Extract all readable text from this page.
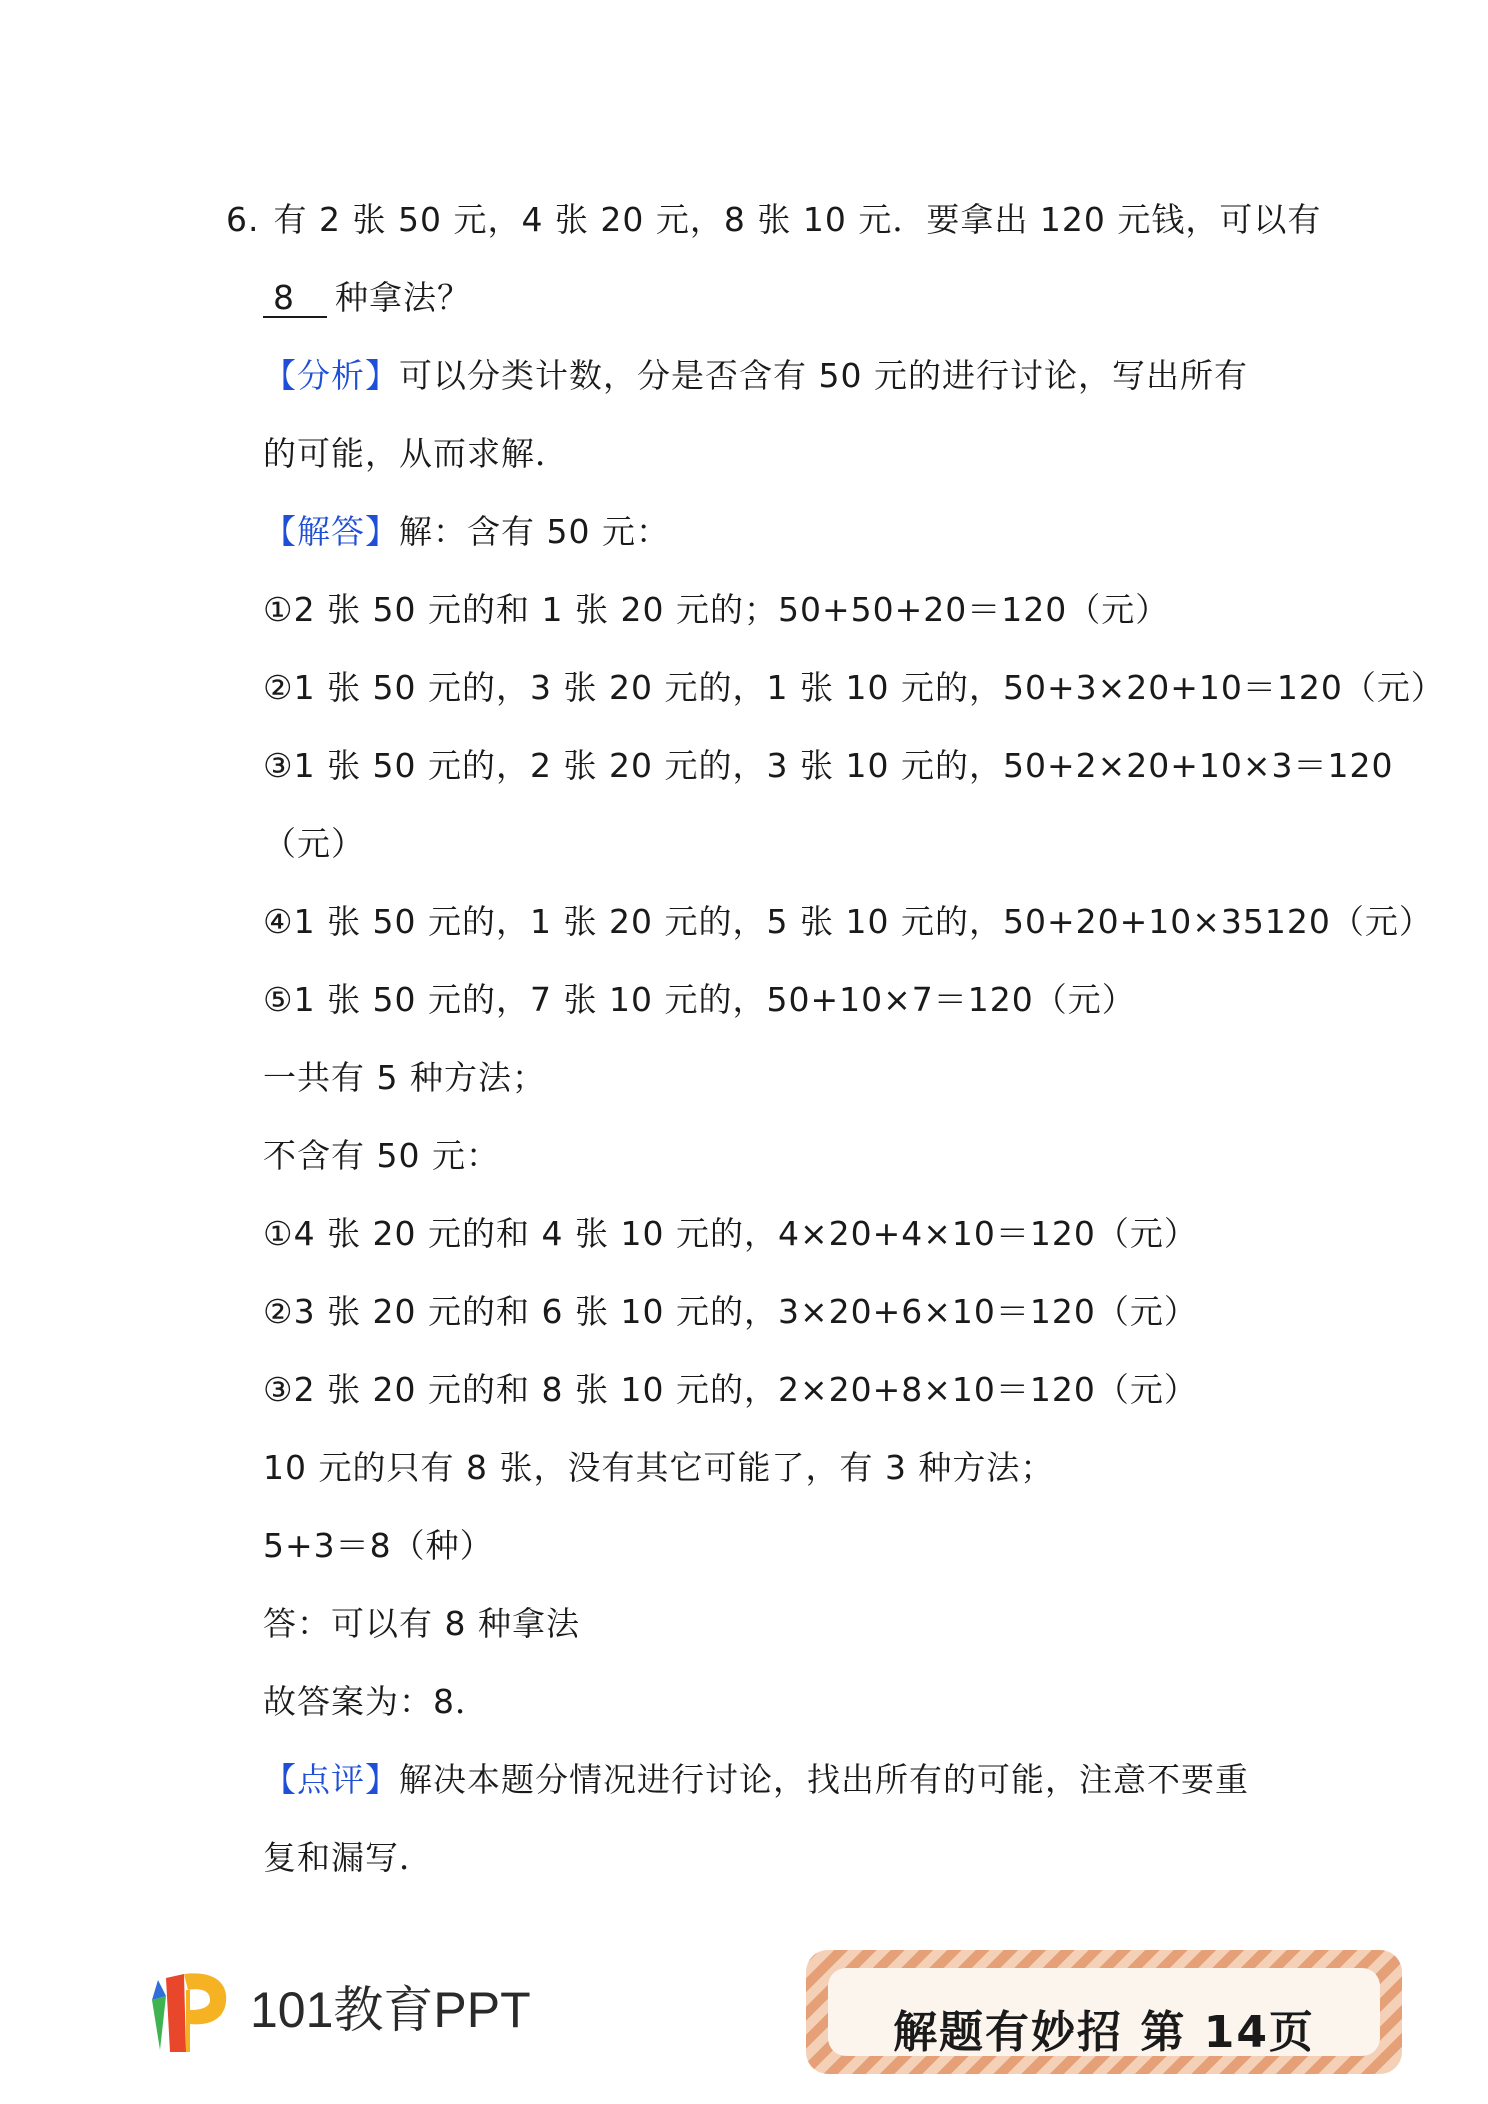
6. 有 2 张 50 元，4 张 20 元，8 张 10 元．要拿出 120 元钱，可以有
8 种拿法？
【分析】可以分类计数，分是否含有 50 元的进行讨论，写出所有
的可能，从而求解．
【解答】解：含有 50 元：
①2 张 50 元的和 1 张 20 元的；50+50+20＝120（元）
②1 张 50 元的，3 张 20 元的，1 张 10 元的，50+3×20+10＝120（元）
③1 张 50 元的，2 张 20 元的，3 张 10 元的，50+2×20+10×3＝120
（元）
④1 张 50 元的，1 张 20 元的，5 张 10 元的，50+20+10×35120（元）
⑤1 张 50 元的，7 张 10 元的，50+10×7＝120（元）
一共有 5 种方法；
不含有 50 元：
①4 张 20 元的和 4 张 10 元的，4×20+4×10＝120（元）
②3 张 20 元的和 6 张 10 元的，3×20+6×10＝120（元）
③2 张 20 元的和 8 张 10 元的，2×20+8×10＝120（元）
10 元的只有 8 张，没有其它可能了，有 3 种方法；
5+3＝8（种）
答：可以有 8 种拿法
故答案为：8．
【点评】解决本题分情况进行讨论，找出所有的可能，注意不要重
复和漏写．
101教育PPT	解题有妙招 第 14页
